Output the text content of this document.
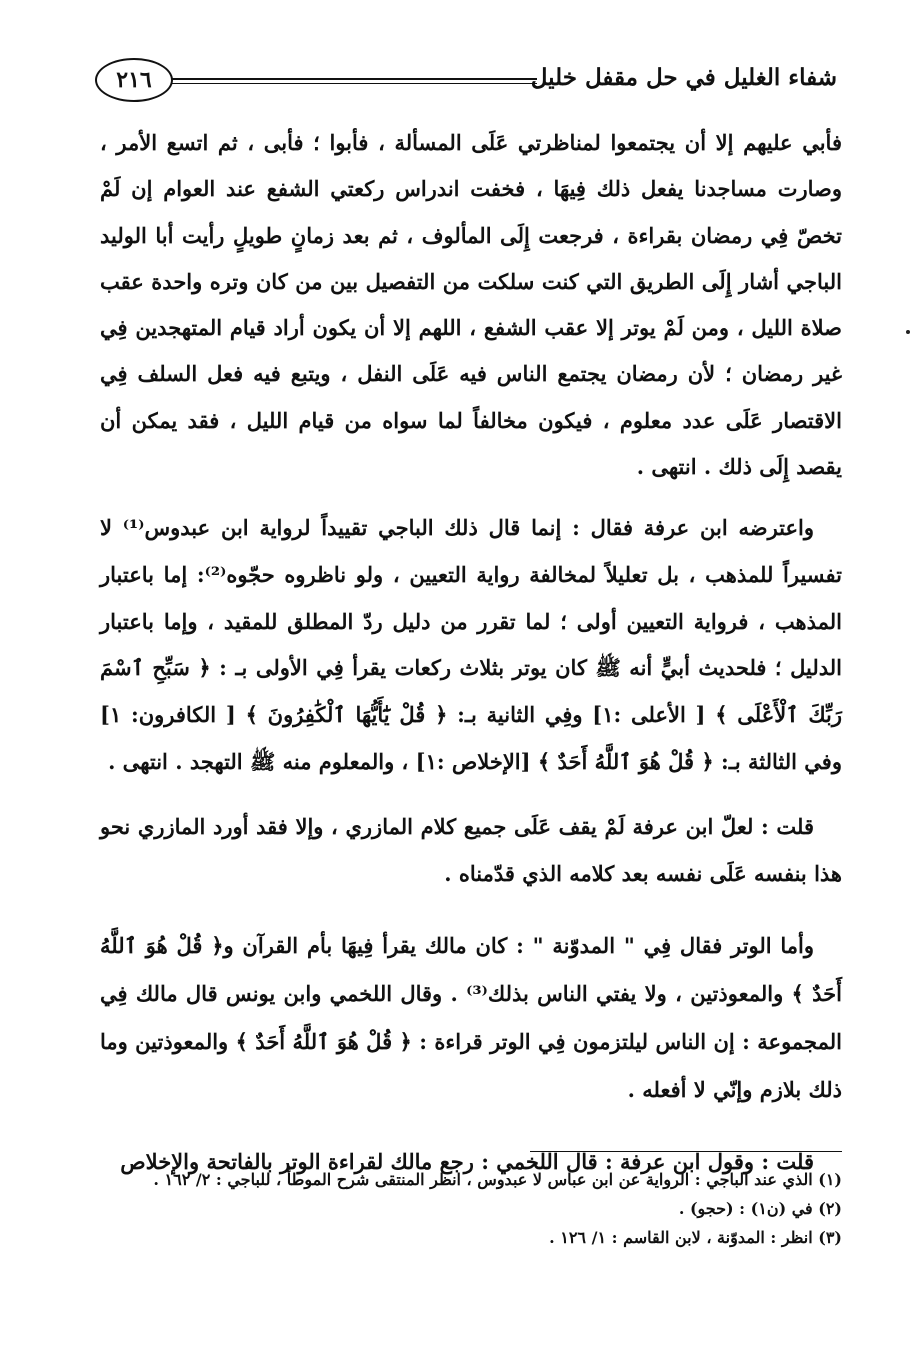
٢١٦	شفاء الغليل في حل مقفل خليل

فأبي عليهم إلا أن يجتمعوا لمناظرتي عَلَى المسألة ، فأبوا ؛ فأبى ، ثم اتسع الأمر ، وصارت مساجدنا يفعل ذلك فِيهَا ، فخفت اندراس ركعتي الشفع عند العوام إن لَمْ تخصّ فِي رمضان بقراءة ، فرجعت إِلَى المألوف ، ثم بعد زمانٍ طويلٍ رأيت أبا الوليد الباجي أشار إِلَى الطريق التي كنت سلكت من التفصيل بين من كان وتره واحدة عقب صلاة الليل ، ومن لَمْ يوتر إلا عقب الشفع ، اللهم إلا أن يكون أراد قيام المتهجدين فِي غير رمضان ؛ لأن رمضان يجتمع الناس فيه عَلَى النفل ، ويتبع فيه فعل السلف فِي الاقتصار عَلَى عدد معلوم ، فيكون مخالفاً لما سواه من قيام الليل ، فقد يمكن أن يقصد إِلَى ذلك . انتهى .

واعترضه ابن عرفة فقال : إنما قال ذلك الباجي تقييداً لرواية ابن عبدوس⁽¹⁾ لا تفسيراً للمذهب ، بل تعليلاً لمخالفة رواية التعيين ، ولو ناظروه حجّوه⁽²⁾: إما باعتبار المذهب ، فرواية التعيين أولى ؛ لما تقرر من دليل ردّ المطلق للمقيد ، وإما باعتبار الدليل ؛ فلحديث أبيٍّ أنه ﷺ كان يوتر بثلاث ركعات يقرأ فِي الأولى بـ : ﴿ سَبِّحِ ٱسْمَ رَبِّكَ ٱلْأَعْلَى ﴾ [ الأعلى :١] وفِي الثانية بـ: ﴿ قُلْ يَٰٓأَيُّهَا ٱلْكَٰفِرُونَ ﴾ [ الكافرون: ١] وفي الثالثة بـ: ﴿ قُلْ هُوَ ٱللَّهُ أَحَدٌ ﴾ [الإخلاص :١] ، والمعلوم منه ﷺ التهجد . انتهى .

قلت : لعلّ ابن عرفة لَمْ يقف عَلَى جميع كلام المازري ، وإلا فقد أورد المازري نحو هذا بنفسه عَلَى نفسه بعد كلامه الذي قدّمناه .

وأما الوتر فقال فِي " المدوّنة " : كان مالك يقرأ فِيهَا بأم القرآن و﴿ قُلْ هُوَ ٱللَّهُ أَحَدٌ ﴾ والمعوذتين ، ولا يفتي الناس بذلك⁽³⁾ . وقال اللخمي وابن يونس قال مالك فِي المجموعة : إن الناس ليلتزمون فِي الوتر قراءة : ﴿ قُلْ هُوَ ٱللَّهُ أَحَدٌ ﴾ والمعوذتين وما ذلك بلازم وإنّي لا أفعله .

قلت : وقول ابن عرفة : قال اللخمي : رجع مالك لقراءة الوتر بالفاتحة والإخلاص

(١) الذي عند الباجي : الرواية عن ابن عباس لا عبدوس ، انظر المنتقى شرح الموطأ ، للباجي : ٢/ ١٦٢ .
(٢) في (ن١) : (حجو) .
(٣) انظر : المدوّنة ، لابن القاسم : ١/ ١٢٦ .
